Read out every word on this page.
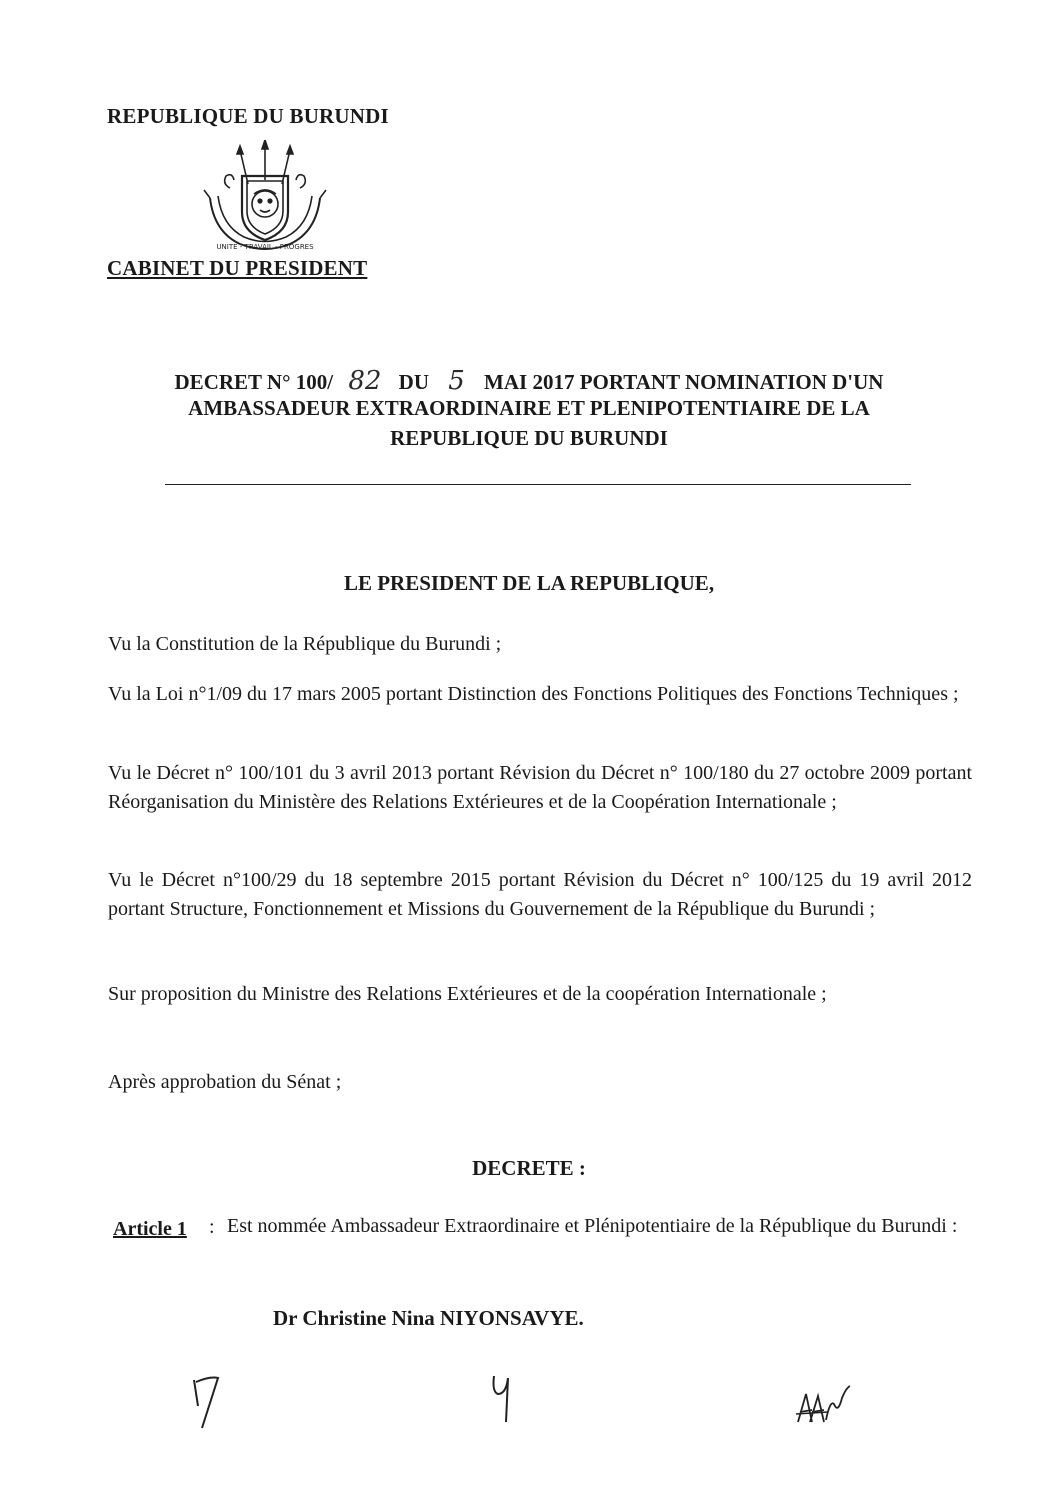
REPUBLIQUE DU BURUNDI
UNITE - TRAVAIL - PROGRES
CABINET DU PRESIDENT
DECRET N° 100/ 82 DU 5 MAI 2017 PORTANT NOMINATION D'UN
AMBASSADEUR EXTRAORDINAIRE ET PLENIPOTENTIAIRE DE LA
REPUBLIQUE DU BURUNDI
LE PRESIDENT DE LA REPUBLIQUE,
Vu la Constitution de la République du Burundi ;
Vu la Loi n°1/09 du 17 mars 2005 portant Distinction des Fonctions Politiques des Fonctions Techniques ;
Vu le Décret n° 100/101 du 3 avril 2013 portant Révision du Décret n° 100/180 du 27 octobre 2009 portant Réorganisation du Ministère des Relations Extérieures et de la Coopération Internationale ;
Vu le Décret n°100/29 du 18 septembre 2015 portant Révision du Décret n° 100/125 du 19 avril 2012 portant Structure, Fonctionnement et Missions du Gouvernement de la République du Burundi ;
Sur proposition du Ministre des Relations Extérieures et de la coopération Internationale ;
Après approbation du Sénat ;
DECRETE :
Article 1 : Est nommée Ambassadeur Extraordinaire et Plénipotentiaire de la République du Burundi :
Dr Christine Nina NIYONSAVYE.
